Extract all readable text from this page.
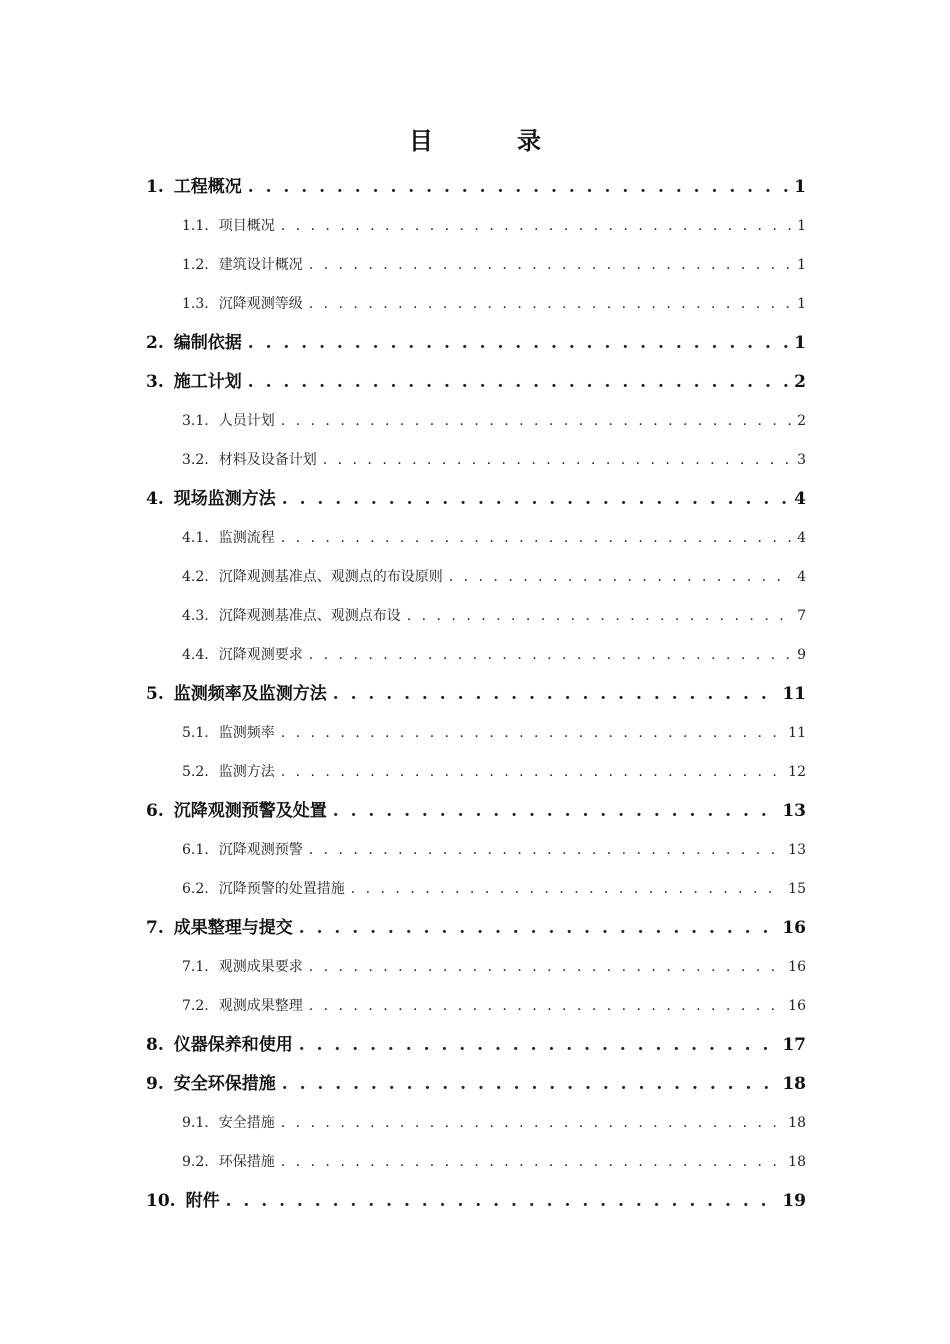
目	录
1. 工程概况 . . .	1
1.1. 项目概况 . . .	1
1.2. 建筑设计概况 . . .	1
1.3. 沉降观测等级 . . .	1
2. 编制依据 . . .	1
3. 施工计划 . . .	2
3.1. 人员计划 . . .	2
3.2. 材料及设备计划 . . .	3
4. 现场监测方法 . . .	4
4.1. 监测流程 . . .	4
4.2. 沉降观测基准点、观测点的布设原则 . . .	4
4.3. 沉降观测基准点、观测点布设 . . .	7
4.4. 沉降观测要求 . . .	9
5. 监测频率及监测方法 . . .	11
5.1. 监测频率 . . .	11
5.2. 监测方法 . . .	12
6. 沉降观测预警及处置 . . .	13
6.1. 沉降观测预警 . . .	13
6.2. 沉降预警的处置措施 . . .	15
7. 成果整理与提交 . . .	16
7.1. 观测成果要求 . . .	16
7.2. 观测成果整理 . . .	16
8. 仪器保养和使用 . . .	17
9. 安全环保措施 . . .	18
9.1. 安全措施 . . .	18
9.2. 环保措施 . . .	18
10. 附件 . . .	19
